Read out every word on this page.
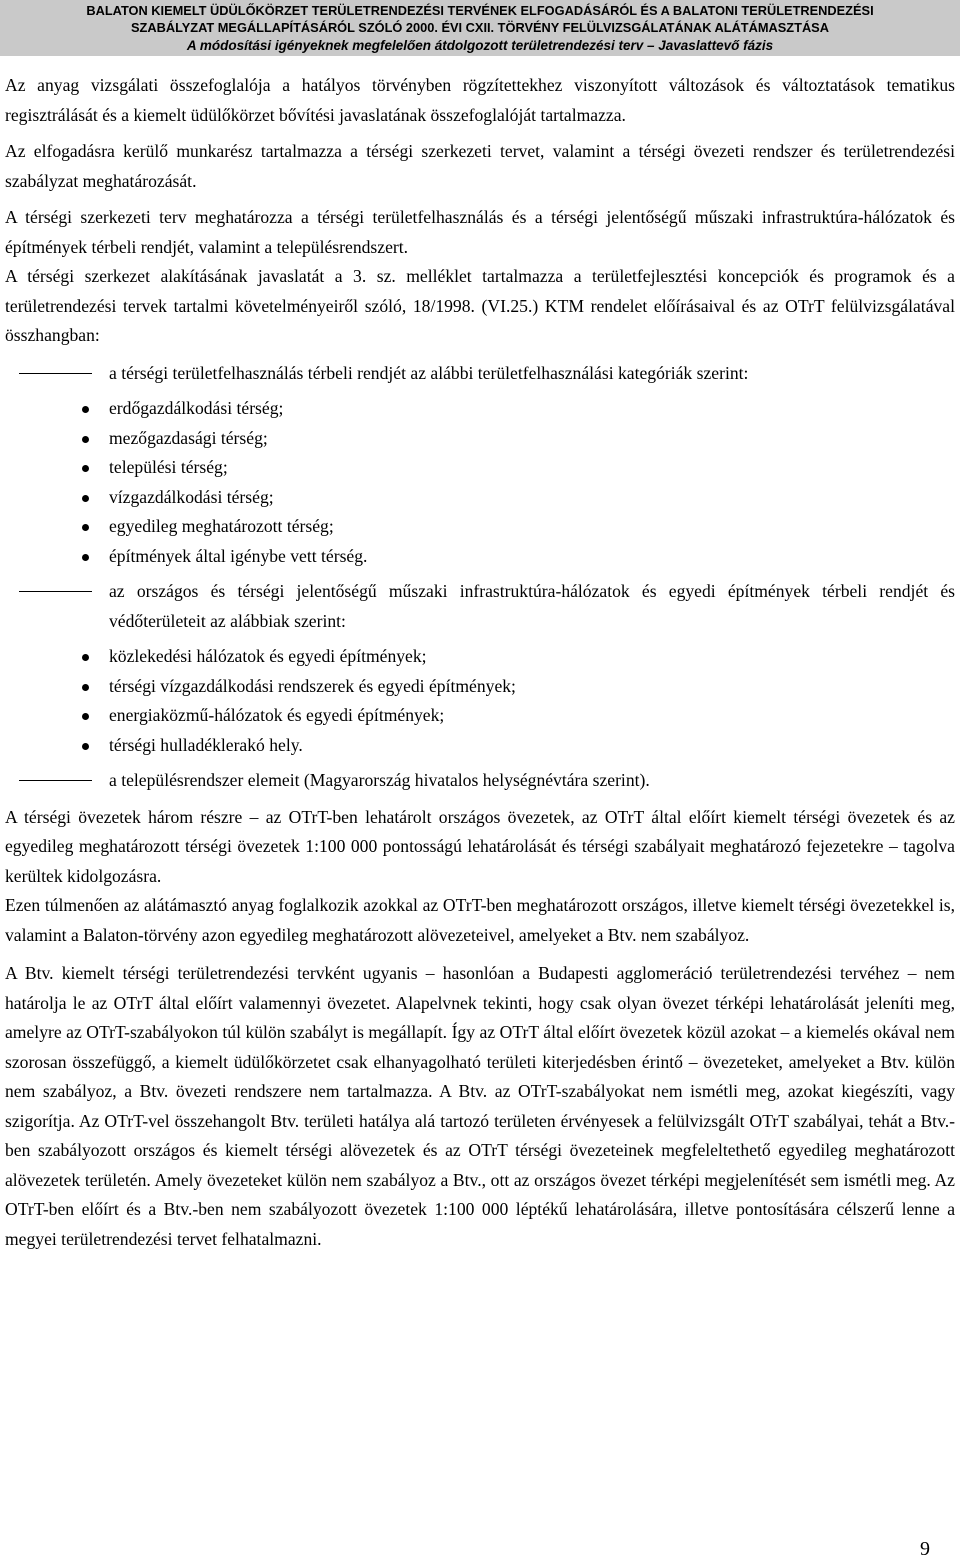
BALATON KIEMELT ÜDÜLŐKÖRZET TERÜLETRENDEZÉSI TERVÉNEK ELFOGADÁSÁRÓL ÉS A BALATONI TERÜLETRENDEZÉSI
SZABÁLYZAT MEGÁLLAPÍTÁSÁRÓL SZÓLÓ 2000. ÉVI CXII. TÖRVÉNY FELÜLVIZSGÁLATÁNAK ALÁTÁMASZTÁSA
A módosítási igényeknek megfelelően átdolgozott területrendezési terv – Javaslattevő fázis

Az anyag vizsgálati összefoglalója a hatályos törvényben rögzítettekhez viszonyított változások és változtatások tematikus regisztrálását és a kiemelt üdülőkörzet bővítési javaslatának összefoglalóját tartalmazza.

Az elfogadásra kerülő munkarész tartalmazza a térségi szerkezeti tervet, valamint a térségi övezeti rendszer és területrendezési szabályzat meghatározását.

A térségi szerkezeti terv meghatározza a térségi területfelhasználás és a térségi jelentőségű műszaki infrastruktúra-hálózatok és építmények térbeli rendjét, valamint a településrendszert.

A térségi szerkezet alakításának javaslatát a 3. sz. melléklet tartalmazza a területfejlesztési koncepciók és programok és a területrendezési tervek tartalmi követelményeiről szóló, 18/1998. (VI.25.) KTM rendelet előírásaival és az OTrT felülvizsgálatával összhangban:

a térségi területfelhasználás térbeli rendjét az alábbi területfelhasználási kategóriák szerint:
erdőgazdálkodási térség;
mezőgazdasági térség;
települési térség;
vízgazdálkodási térség;
egyedileg meghatározott térség;
építmények által igénybe vett térség.
az országos és térségi jelentőségű műszaki infrastruktúra-hálózatok és egyedi építmények térbeli rendjét és védőterületeit az alábbiak szerint:
közlekedési hálózatok és egyedi építmények;
térségi vízgazdálkodási rendszerek és egyedi építmények;
energiaközmű-hálózatok és egyedi építmények;
térségi hulladéklerakó hely.
a településrendszer elemeit (Magyarország hivatalos helységnévtára szerint).

A térségi övezetek három részre – az OTrT-ben lehatárolt országos övezetek, az OTrT által előírt kiemelt térségi övezetek és az egyedileg meghatározott térségi övezetek 1:100 000 pontosságú lehatárolását és térségi szabályait meghatározó fejezetekre – tagolva kerültek kidolgozásra.

Ezen túlmenően az alátámasztó anyag foglalkozik azokkal az OTrT-ben meghatározott országos, illetve kiemelt térségi övezetekkel is, valamint a Balaton-törvény azon egyedileg meghatározott alövezeteivel, amelyeket a Btv. nem szabályoz.

A Btv. kiemelt térségi területrendezési tervként ugyanis – hasonlóan a Budapesti agglomeráció területrendezési tervéhez – nem határolja le az OTrT által előírt valamennyi övezetet. Alapelvnek tekinti, hogy csak olyan övezet térképi lehatárolását jeleníti meg, amelyre az OTrT-szabályokon túl külön szabályt is megállapít. Így az OTrT által előírt övezetek közül azokat – a kiemelés okával nem szorosan összefüggő, a kiemelt üdülőkörzetet csak elhanyagolható területi kiterjedésben érintő – övezeteket, amelyeket a Btv. külön nem szabályoz, a Btv. övezeti rendszere nem tartalmazza. A Btv. az OTrT-szabályokat nem ismétli meg, azokat kiegészíti, vagy szigorítja. Az OTrT-vel összehangolt Btv. területi hatálya alá tartozó területen érvényesek a felülvizsgált OTrT szabályai, tehát a Btv.-ben szabályozott országos és kiemelt térségi alövezetek és az OTrT térségi övezeteinek megfeleltethető egyedileg meghatározott alövezetek területén. Amely övezeteket külön nem szabályoz a Btv., ott az országos övezet térképi megjelenítését sem ismétli meg. Az OTrT-ben előírt és a Btv.-ben nem szabályozott övezetek 1:100 000 léptékű lehatárolására, illetve pontosítására célszerű lenne a megyei területrendezési tervet felhatalmazni.

9
